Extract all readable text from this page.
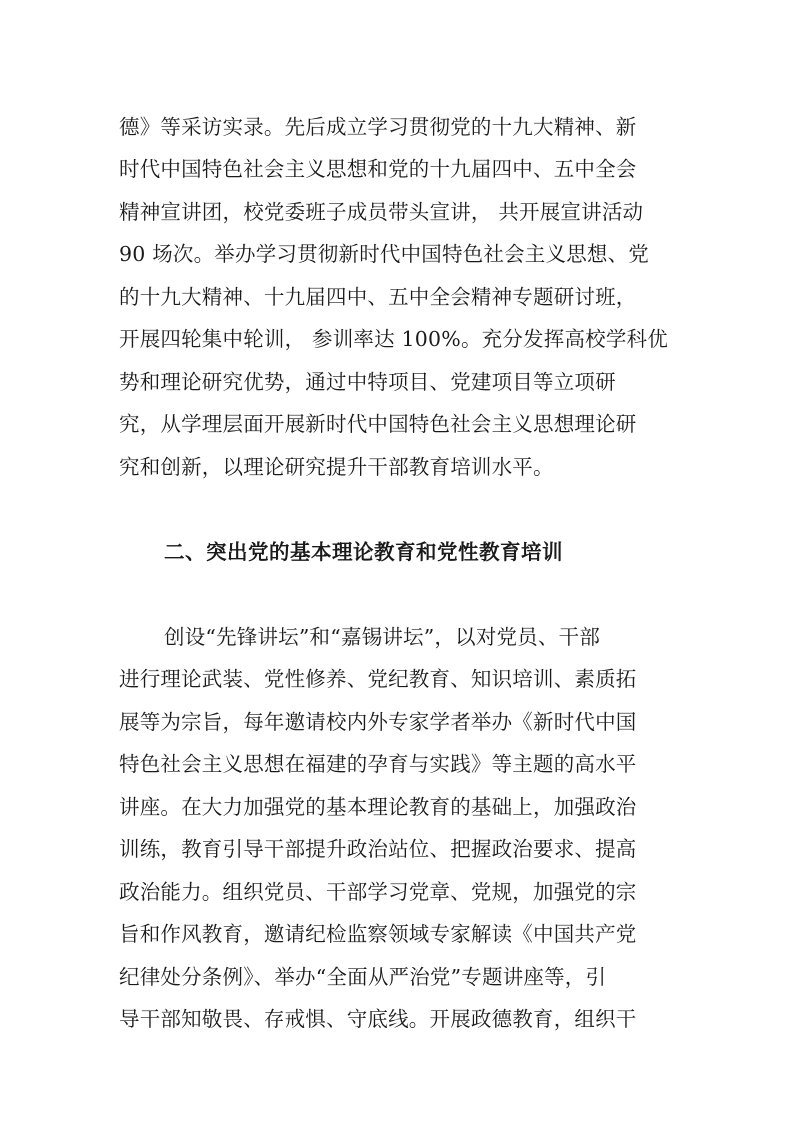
德》等采访实录。先后成立学习贯彻党的十九大精神、新
时代中国特色社会主义思想和党的十九届四中、五中全会
精神宣讲团，校党委班子成员带头宣讲， 共开展宣讲活动
90 场次。举办学习贯彻新时代中国特色社会主义思想、党
的十九大精神、十九届四中、五中全会精神专题研讨班，
开展四轮集中轮训， 参训率达 100%。充分发挥高校学科优
势和理论研究优势，通过中特项目、党建项目等立项研
究，从学理层面开展新时代中国特色社会主义思想理论研
究和创新，以理论研究提升干部教育培训水平。
二、突出党的基本理论教育和党性教育培训
创设“先锋讲坛”和“嘉锡讲坛”，以对党员、干部
进行理论武装、党性修养、党纪教育、知识培训、素质拓
展等为宗旨，每年邀请校内外专家学者举办《新时代中国
特色社会主义思想在福建的孕育与实践》等主题的高水平
讲座。在大力加强党的基本理论教育的基础上，加强政治
训练，教育引导干部提升政治站位、把握政治要求、提高
政治能力。组织党员、干部学习党章、党规，加强党的宗
旨和作风教育，邀请纪检监察领域专家解读《中国共产党
纪律处分条例》、举办“全面从严治党”专题讲座等，引
导干部知敬畏、存戒惧、守底线。开展政德教育，组织干
